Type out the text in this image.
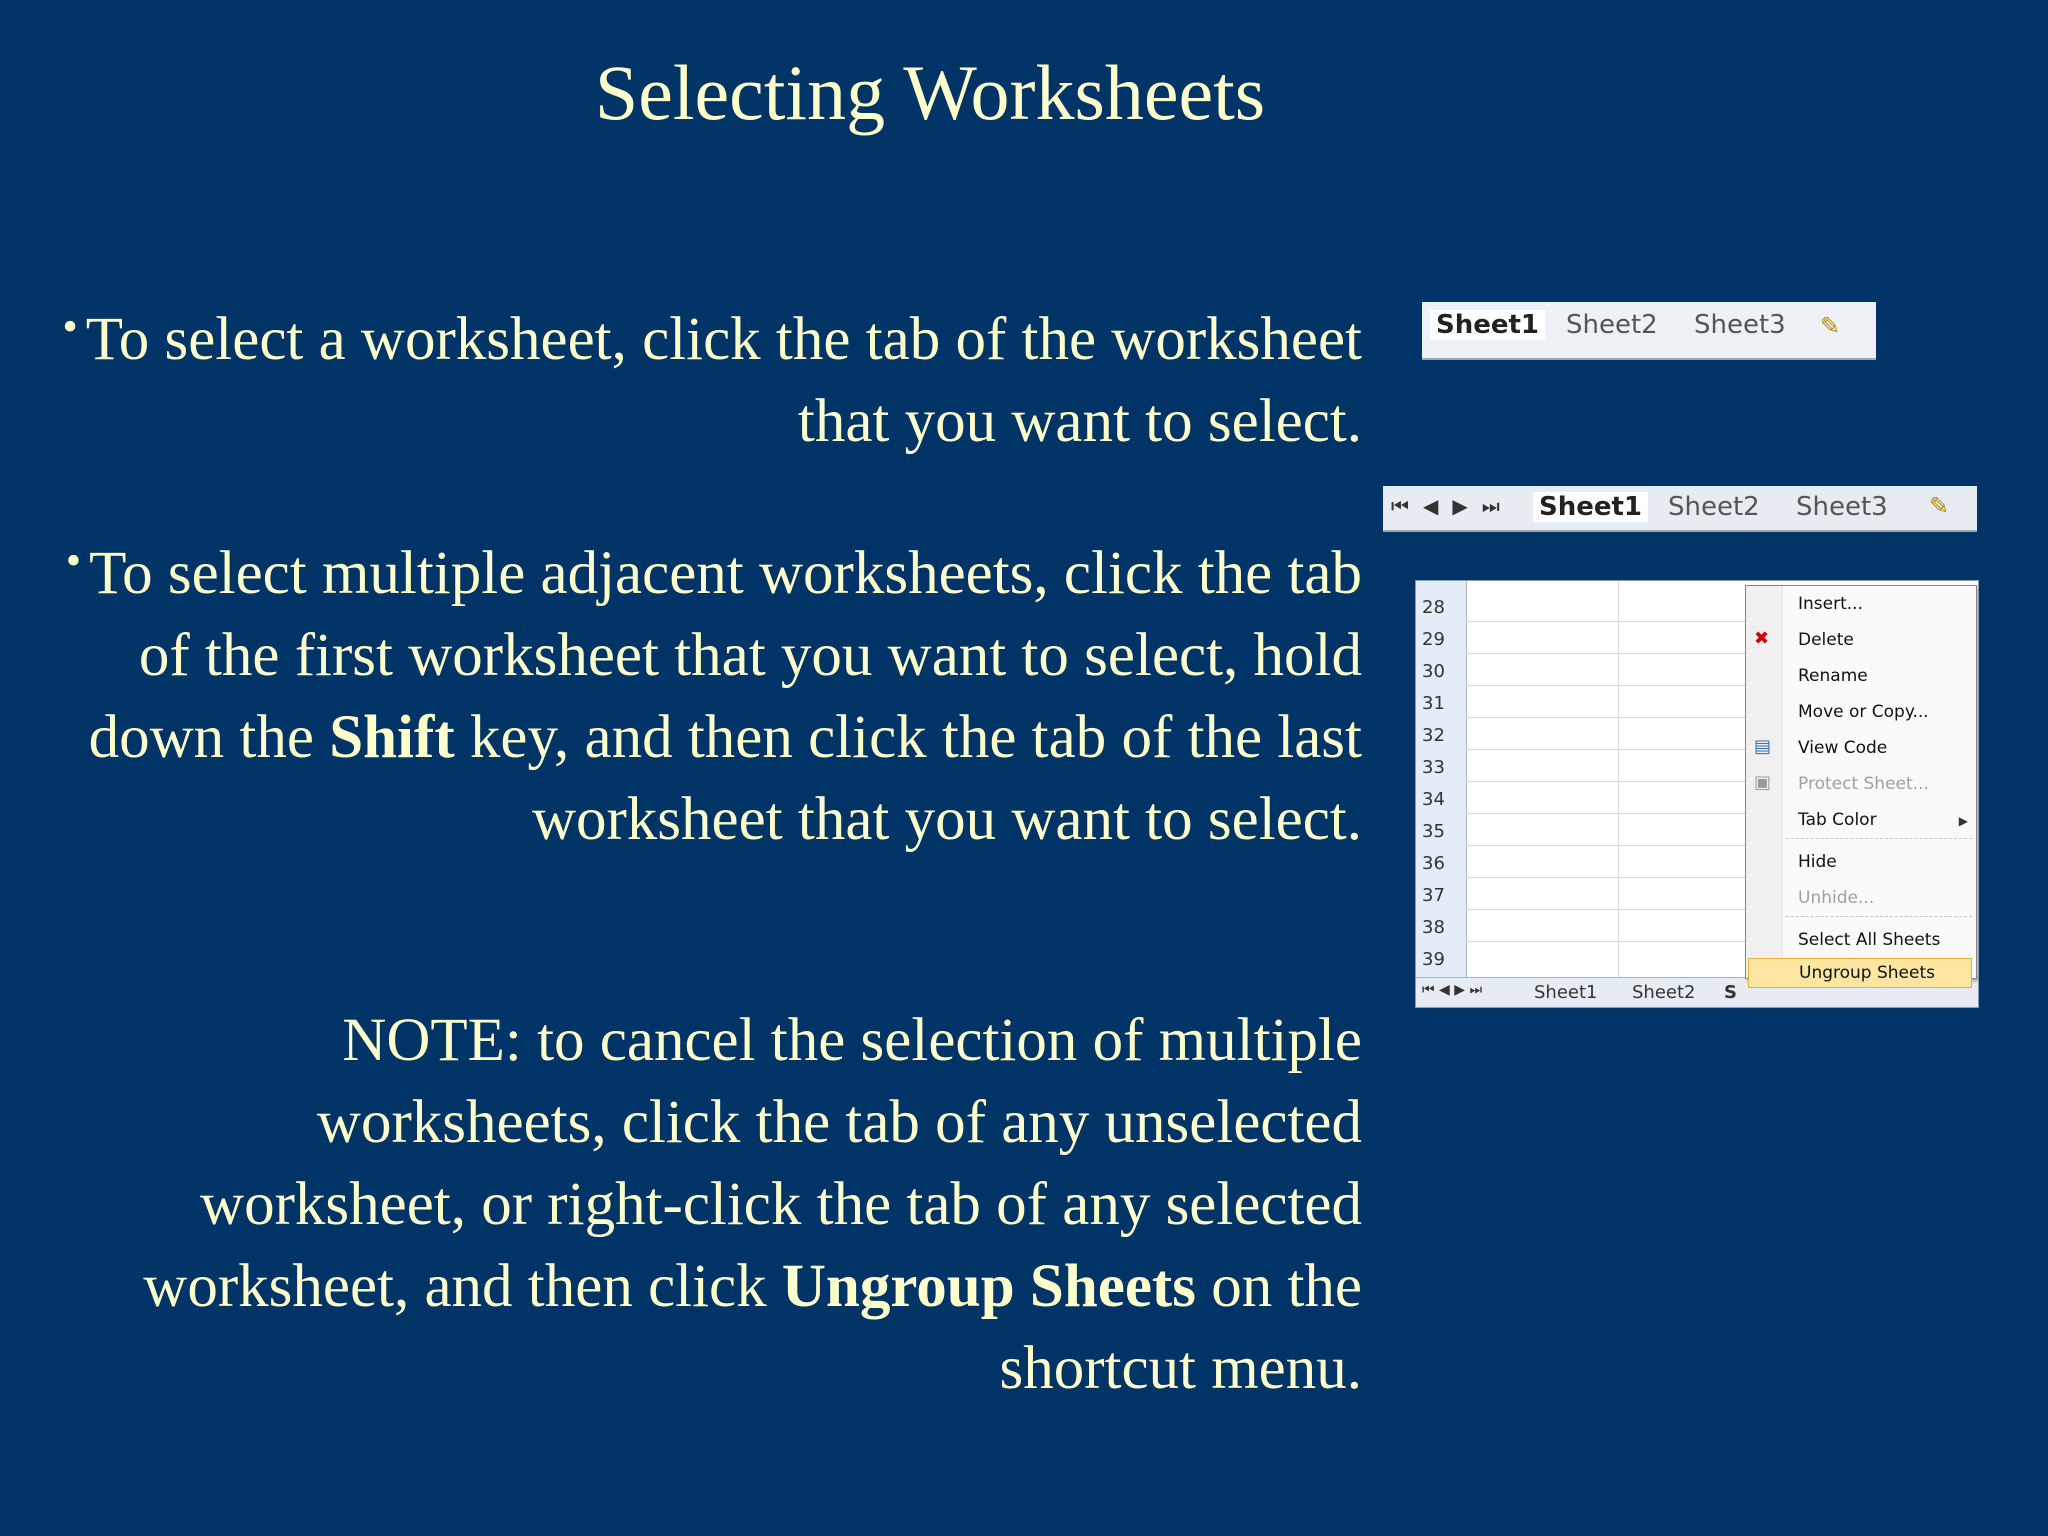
Selecting Worksheets
• To select a worksheet, click the tab of the worksheet that you want to select.
• To select multiple adjacent worksheets, click the tab of the first worksheet that you want to select, hold down the Shift key, and then click the tab of the last worksheet that you want to select.
NOTE: to cancel the selection of multiple worksheets, click the tab of any unselected worksheet, or right-click the tab of any selected worksheet, and then click Ungroup Sheets on the shortcut menu.
Sheet1 Sheet2 Sheet3 ✎
⏮◀▶⏭ Sheet1 Sheet2 Sheet3 ✎
28
29
30
31
32
33
34
35
36
37
38
39
⏮ ◀ ▶ ⏭	Sheet1 Sheet2 S
Insert...
✖ Delete
Rename
Move or Copy...
▤ View Code
▣ Protect Sheet...
Tab Color	▶
Hide
Unhide...
Select All Sheets
Ungroup Sheets
